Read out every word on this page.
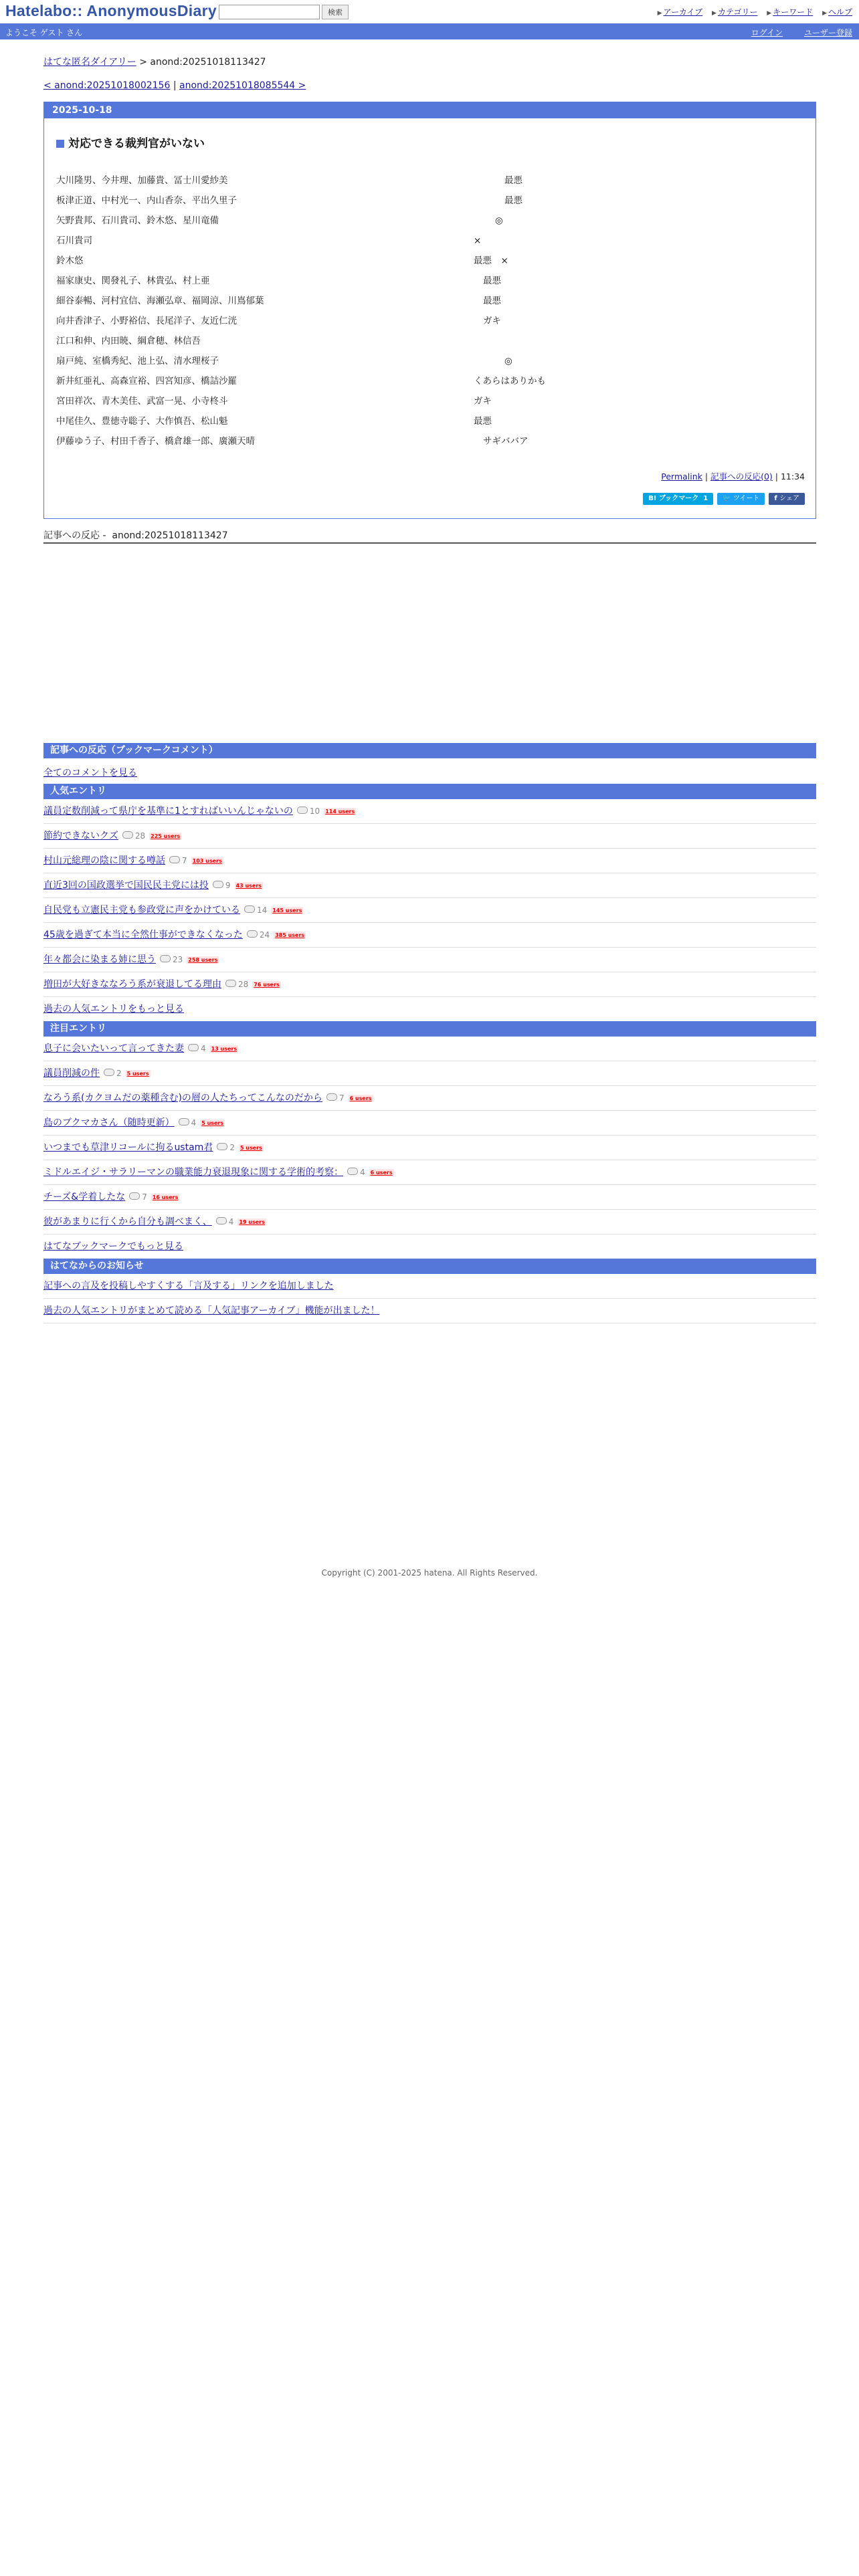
Hatelabo:: AnonymousDiary	検索	▶ アーカイブ ▶ カテゴリー ▶ キーワード ▶ ヘルプ
ようこそ ゲスト さん	ログイン	ユーザー登録
はてな匿名ダイアリー > anond:20251018113427
< anond:20251018002156 | anond:20251018085544 >
2025-10-18
対応できる裁判官がいない
大川隆男、今井理、加藤貴、冨士川愛紗美	最悪
板津正道、中村光一、内山香奈、平出久里子	最悪
矢野貴邦、石川貴司、鈴木悠、星川竜備	◎
石川貴司	×
鈴木悠	最悪　×
福家康史、関發礼子、林貴弘、村上亜	最悪
細谷泰暢、河村宜信、海瀬弘章、福岡涼、川嶌郁葉	最悪
向井香津子、小野裕信、長尾洋子、友近仁洸	ガキ
江口和伸、内田暁、綱倉穂、林信吾
扇戸純、室橋秀紀、池上弘、清水理桜子	◎
新井紅亜礼、高森宣裕、四宮知彦、橋詰沙羅	くあらはありかも
宮田祥次、青木美佳、武富一晃、小寺柊斗	ガキ
中尾佳久、豊徳寺聡子、大作慎吾、松山魁	最悪
伊藤ゆう子、村田千香子、橋倉雄一郎、廣瀬天晴	サギババア
Permalink | 記事への反応(0) | 11:34
B! ブックマーク  1	🐦 ツイート	f シェア
記事への反応 -  anond:20251018113427
記事への反応（ブックマークコメント）
全てのコメントを見る
人気エントリ
議員定数削減って県庁を基準に1とすればいいんじゃないの 10 114 users
節約できないクズ 28 225 users
村山元総理の陰に関する噂話 7 103 users
直近3回の国政選挙で国民民主党には投 9 43 users
自民党も立憲民主党も参政党に声をかけている 14 145 users
45歳を過ぎて本当に全然仕事ができなくなった 24 385 users
年々都会に染まる姉に思う 23 258 users
増田が大好きななろう系が衰退してる理由 28 76 users
過去の人気エントリをもっと見る
注目エントリ
息子に会いたいって言ってきた妻 4 13 users
議員削減の件 2 5 users
なろう系(カクヨムだの薬種含む)の層の人たちってこんなのだから 7 6 users
島のブクマカさん（随時更新） 4 5 users
いつまでも草津リコールに拘るustam君 2 5 users
ミドルエイジ・サラリーマンの職業能力衰退現象に関する学術的考察： 4 6 users
チーズ&学着したな 7 16 users
彼があまりに行くから自分も調べまく、 4 19 users
はてなブックマークでもっと見る
はてなからのお知らせ
記事への言及を投稿しやすくする「言及する」リンクを追加しました
過去の人気エントリがまとめて読める「人気記事アーカイブ」機能が出ました！
Copyright (C) 2001-2025 hatena. All Rights Reserved.
